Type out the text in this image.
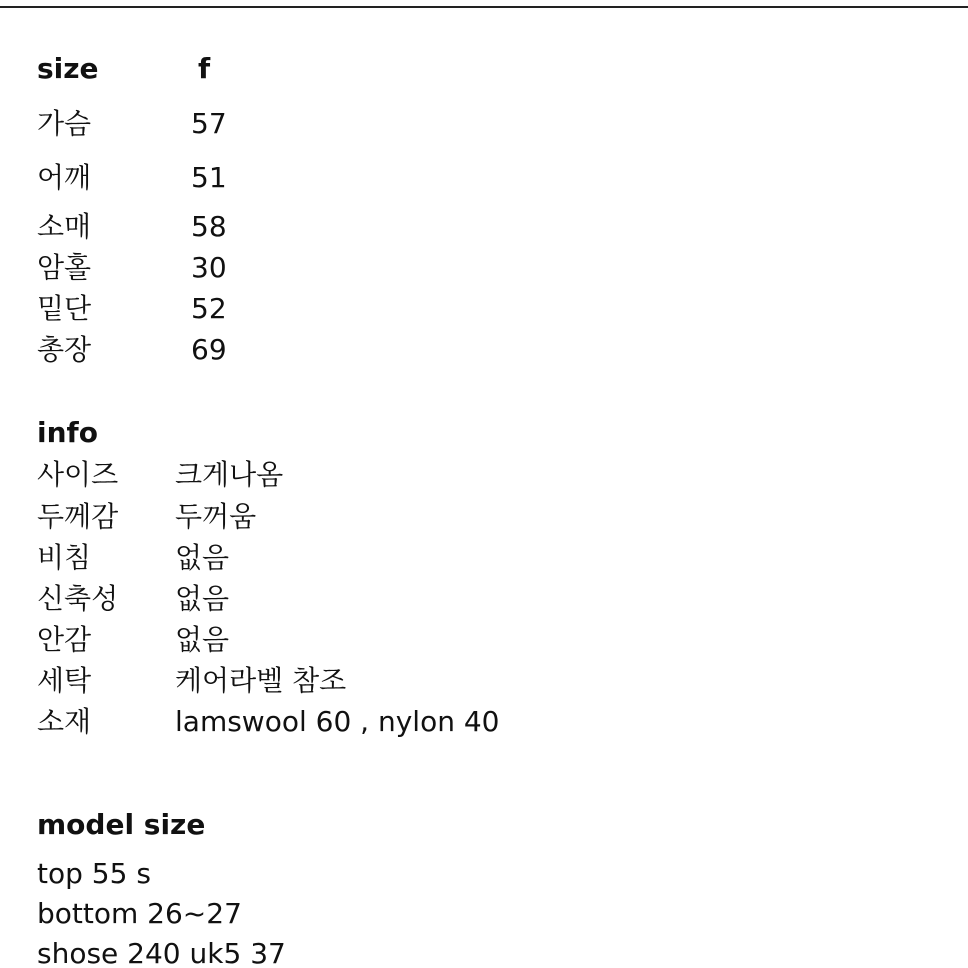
size	f
가슴	57
어깨	51
소매	58
암홀	30
밑단	52
총장	69
info
사이즈 크게나옴
두께감 두꺼움
비침	없음
신축성 없음
안감	없음
세탁	케어라벨 참조
소재	lamswool 60 , nylon 40
model size
top 55 s
bottom 26~27
shose 240 uk5 37
